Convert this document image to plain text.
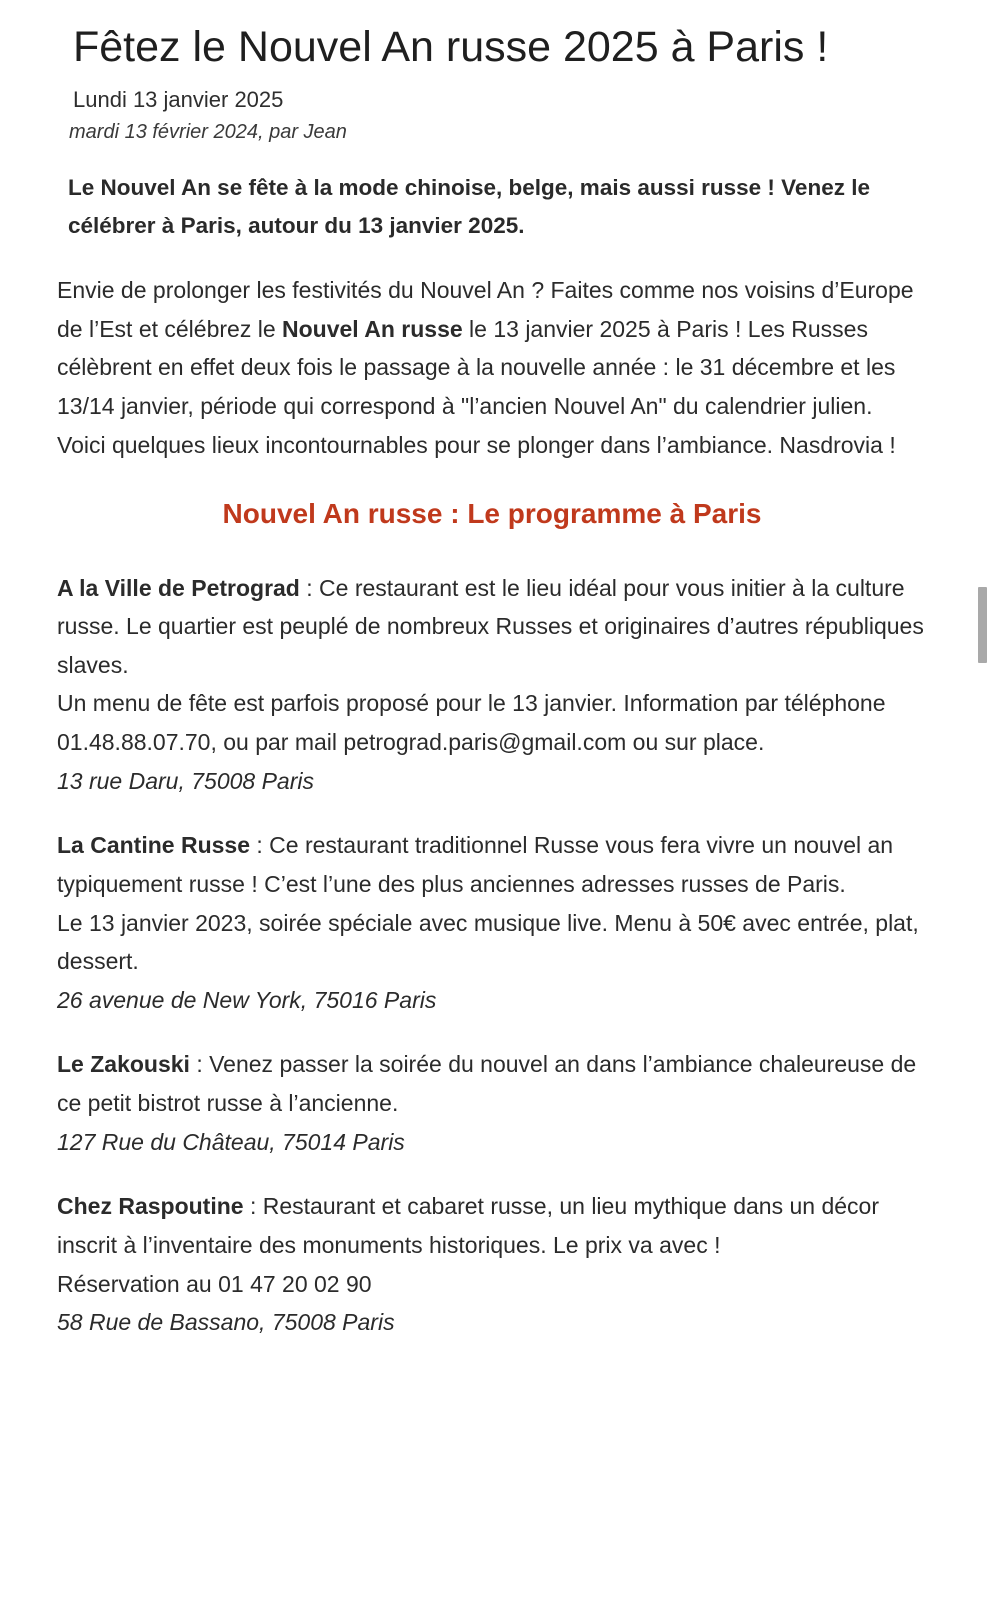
Fêtez le Nouvel An russe 2025 à Paris !
Lundi 13 janvier 2025
mardi 13 février 2024, par Jean

Le Nouvel An se fête à la mode chinoise, belge, mais aussi russe ! Venez le célébrer à Paris, autour du 13 janvier 2025.

Envie de prolonger les festivités du Nouvel An ? Faites comme nos voisins d’Europe de l’Est et célébrez le Nouvel An russe le 13 janvier 2025 à Paris ! Les Russes célèbrent en effet deux fois le passage à la nouvelle année : le 31 décembre et les 13/14 janvier, période qui correspond à "l’ancien Nouvel An" du calendrier julien. Voici quelques lieux incontournables pour se plonger dans l’ambiance. Nasdrovia !

Nouvel An russe : Le programme à Paris
A la Ville de Petrograd : Ce restaurant est le lieu idéal pour vous initier à la culture russe. Le quartier est peuplé de nombreux Russes et originaires d’autres républiques slaves.
Un menu de fête est parfois proposé pour le 13 janvier. Information par téléphone 01.48.88.07.70, ou par mail petrograd.paris@gmail.com ou sur place.
13 rue Daru, 75008 Paris
La Cantine Russe : Ce restaurant traditionnel Russe vous fera vivre un nouvel an typiquement russe ! C’est l’une des plus anciennes adresses russes de Paris.
Le 13 janvier 2023, soirée spéciale avec musique live. Menu à 50€ avec entrée, plat, dessert.
26 avenue de New York, 75016 Paris
Le Zakouski : Venez passer la soirée du nouvel an dans l’ambiance chaleureuse de ce petit bistrot russe à l’ancienne.
127 Rue du Château, 75014 Paris
Chez Raspoutine : Restaurant et cabaret russe, un lieu mythique dans un décor inscrit à l’inventaire des monuments historiques. Le prix va avec !
Réservation au 01 47 20 02 90
58 Rue de Bassano, 75008 Paris
